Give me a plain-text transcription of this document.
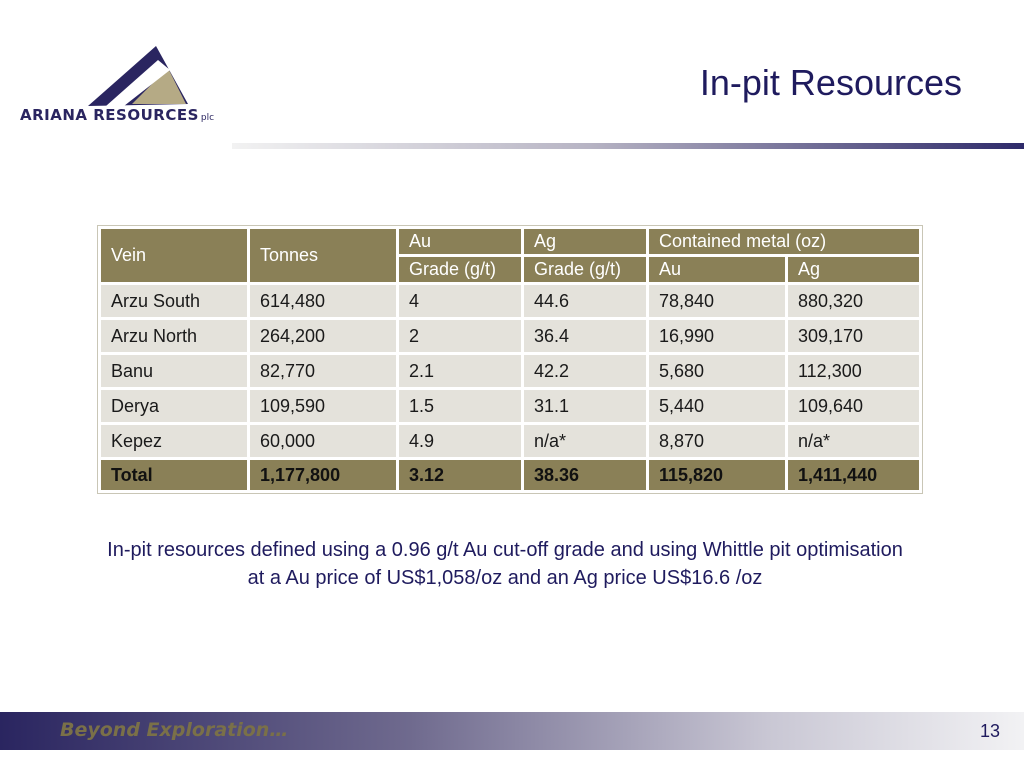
ARIANA RESOURCES plc
In-pit Resources
Vein	Tonnes	Au	Ag	Contained metal (oz)	
		Grade (g/t)	Grade (g/t)	Au	Ag
Arzu South	614,480	4	44.6	78,840	880,320
Arzu North	264,200	2	36.4	16,990	309,170
Banu	82,770	2.1	42.2	5,680	112,300
Derya	109,590	1.5	31.1	5,440	109,640
Kepez	60,000	4.9	n/a*	8,870	n/a*
Total	1,177,800	3.12	38.36	115,820	1,411,440

In-pit resources defined using a 0.96 g/t Au cut-off grade and using Whittle pit optimisation at a Au price of US$1,058/oz and an Ag price US$16.6 /oz

Beyond Exploration…	13
